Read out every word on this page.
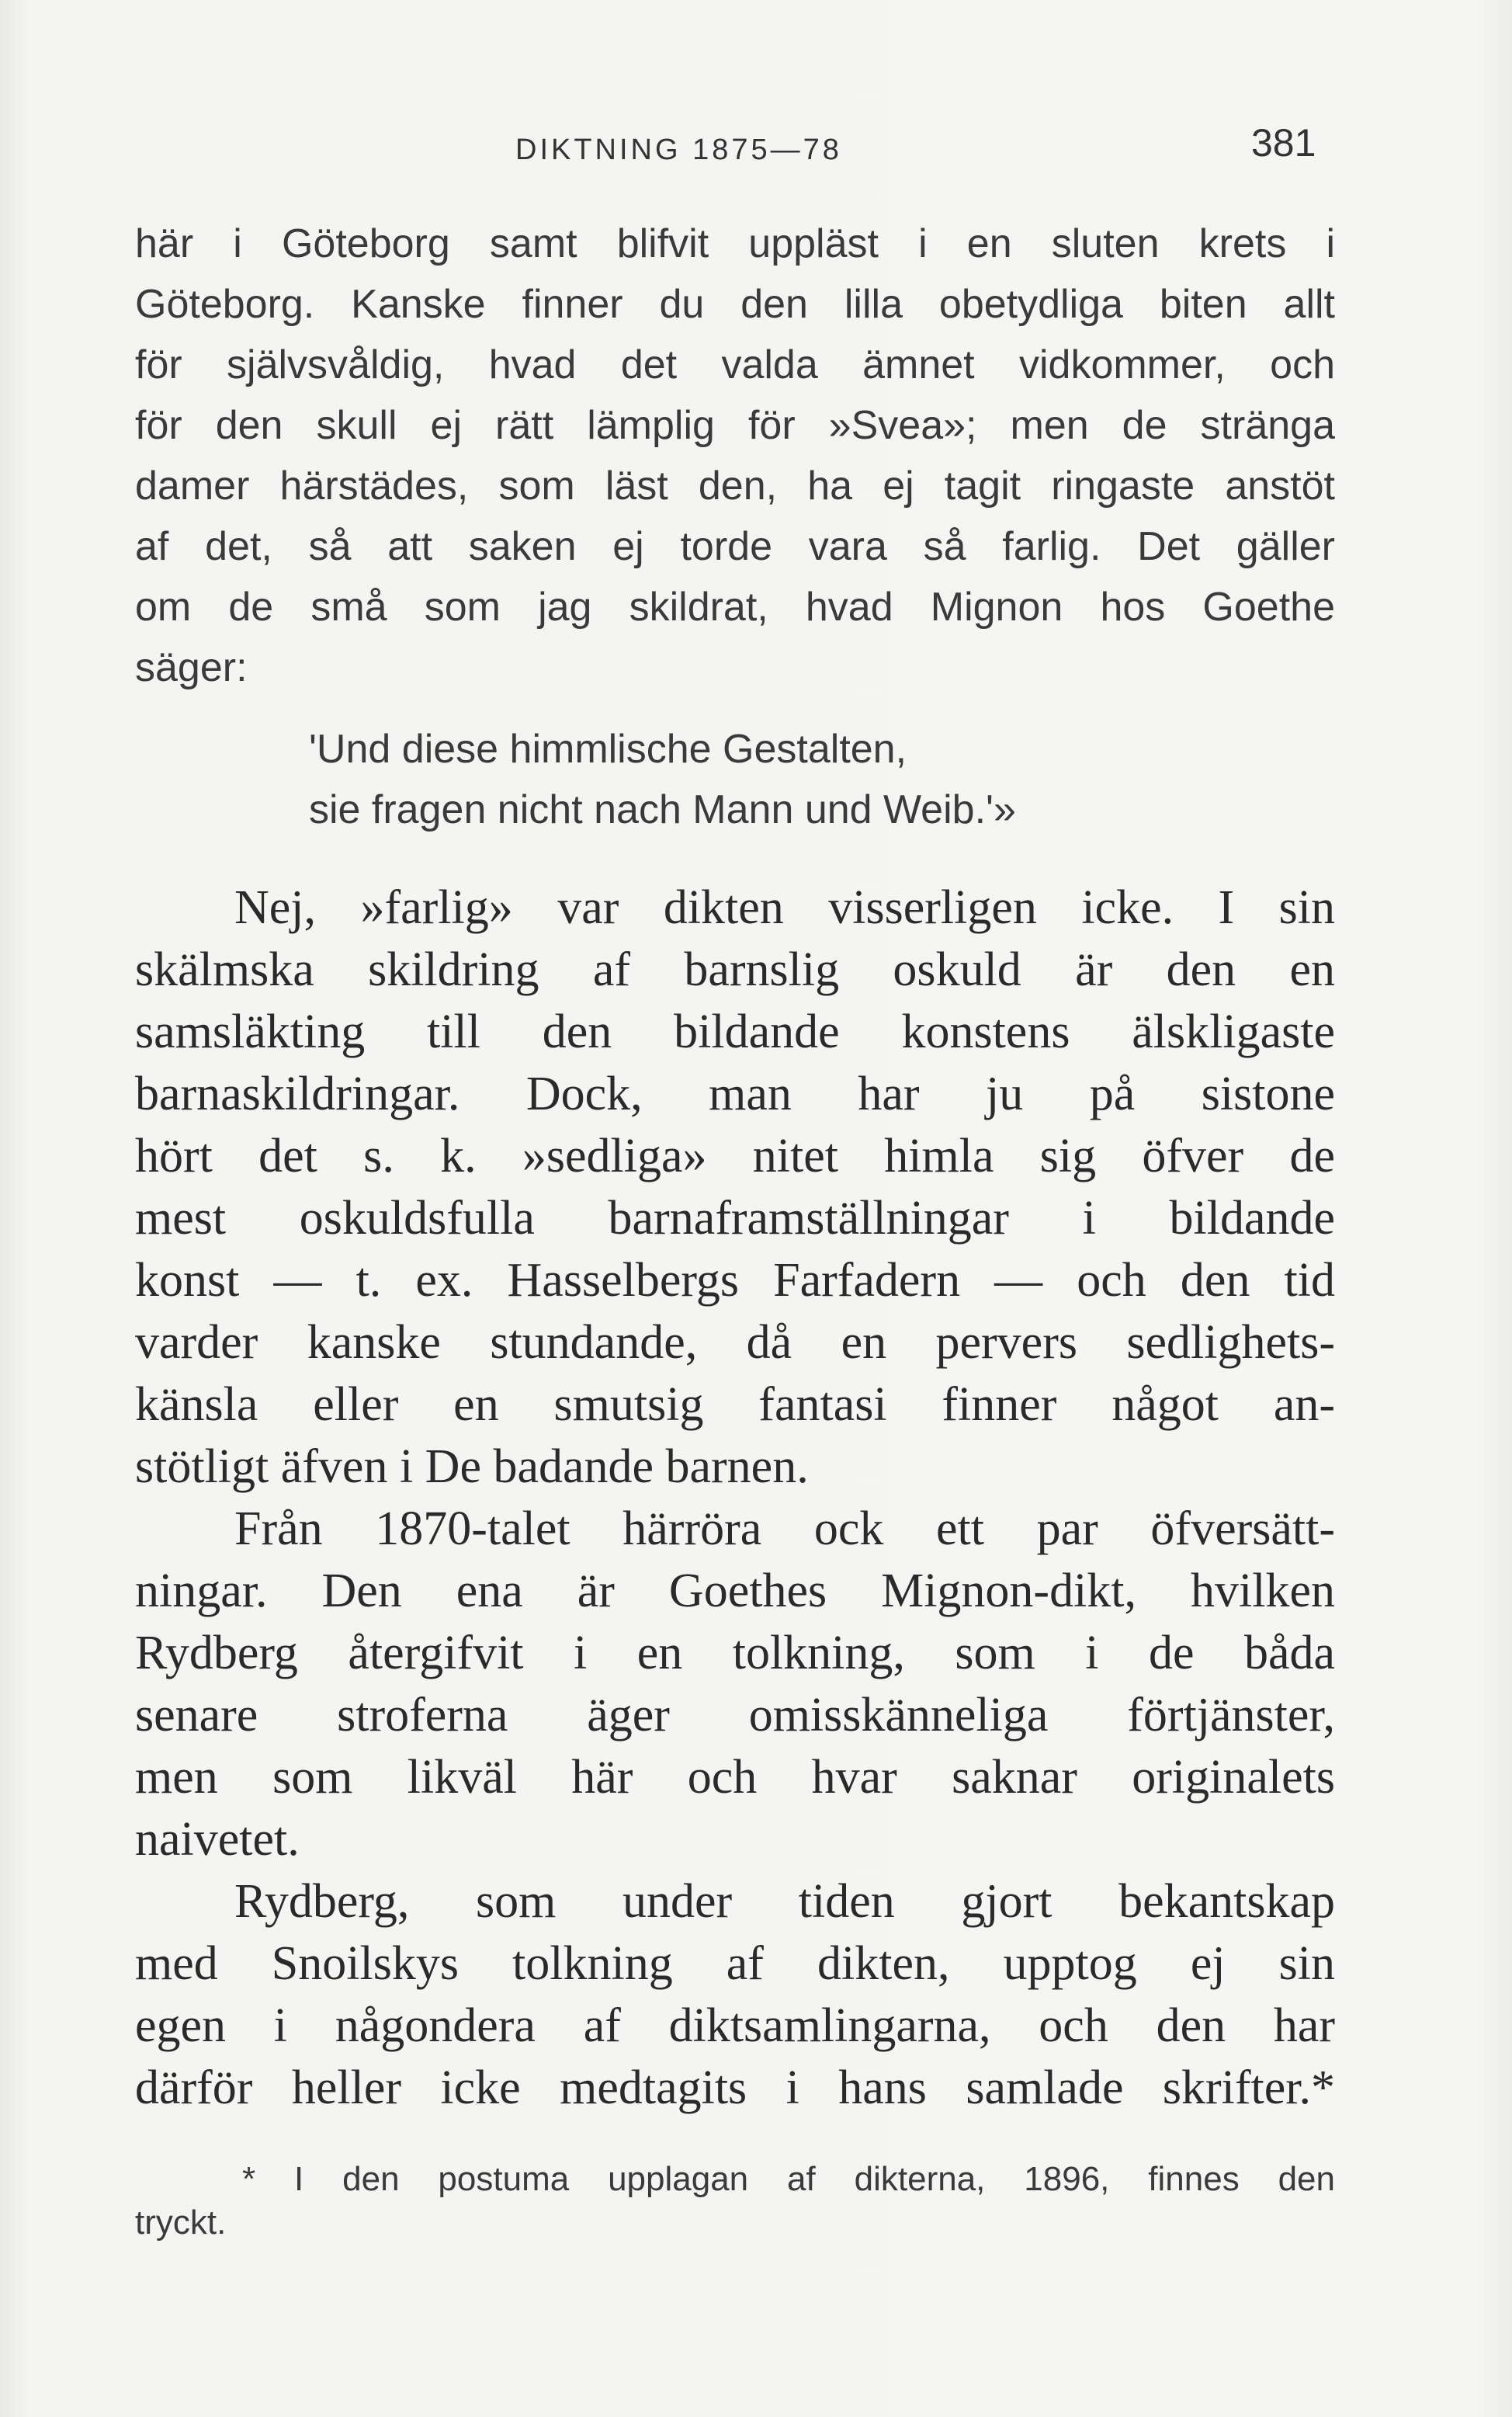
DIKTNING 1875—78	381
här i Göteborg samt blifvit uppläst i en sluten krets i
Göteborg. Kanske finner du den lilla obetydliga biten allt
för självsvåldig, hvad det valda ämnet vidkommer, och
för den skull ej rätt lämplig för »Svea»; men de stränga
damer härstädes, som läst den, ha ej tagit ringaste anstöt
af det, så att saken ej torde vara så farlig. Det gäller
om de små som jag skildrat, hvad Mignon hos Goethe
säger:
'Und diese himmlische Gestalten,
sie fragen nicht nach Mann und Weib.'»
Nej, »farlig» var dikten visserligen icke. I sin
skälmska skildring af barnslig oskuld är den en
samsläkting till den bildande konstens älskligaste
barnaskildringar. Dock, man har ju på sistone
hört det s. k. »sedliga» nitet himla sig öfver de
mest oskuldsfulla barnaframställningar i bildande
konst — t. ex. Hasselbergs Farfadern — och den tid
varder kanske stundande, då en pervers sedlighets-
känsla eller en smutsig fantasi finner något an-
stötligt äfven i De badande barnen.
Från 1870-talet härröra ock ett par öfversätt-
ningar. Den ena är Goethes Mignon-dikt, hvilken
Rydberg återgifvit i en tolkning, som i de båda
senare stroferna äger omisskänneliga förtjänster,
men som likväl här och hvar saknar originalets
naivetet.
Rydberg, som under tiden gjort bekantskap
med Snoilskys tolkning af dikten, upptog ej sin
egen i någondera af diktsamlingarna, och den har
därför heller icke medtagits i hans samlade skrifter.*
* I den postuma upplagan af dikterna, 1896, finnes den
tryckt.
